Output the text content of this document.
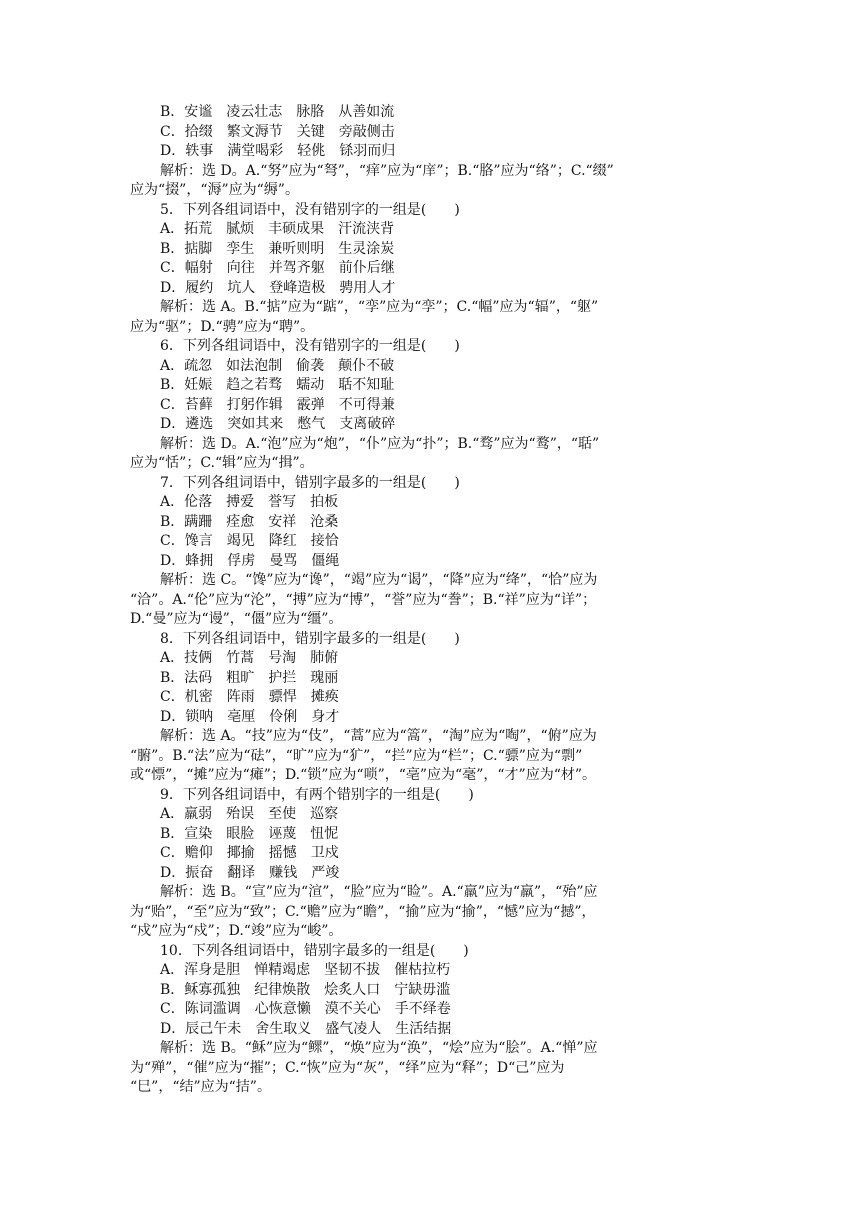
B．安谧　凌云壮志　脉胳　从善如流
C．拾缀　繁文溽节　关键　旁敲侧击
D．轶事　满堂喝彩　轻佻　铩羽而归
解析：选 D。A.“努”应为“弩”，“痒”应为“庠”；B.“胳”应为“络”；C.“缀”
应为“掇”，“溽”应为“缛”。
5．下列各组词语中，没有错别字的一组是(　　)
A．拓荒　腻烦　丰硕成果　汗流浃背
B．掂脚　孪生　兼听则明　生灵涂炭
C．幅射　向往　并驾齐躯　前仆后继
D．履约　坑人　登峰造极　骋用人才
解析：选 A。B.“掂”应为“踮”，“孪”应为“孪”；C.“幅”应为“辐”，“躯”
应为“驱”；D.“骋”应为“聘”。
6．下列各组词语中，没有错别字的一组是(　　)
A．疏忽　如法泡制　偷袭　颠仆不破
B．妊娠　趋之若骛　蠕动　聒不知耻
C．苔藓　打躬作辑　霰弹　不可得兼
D．遴选　突如其来　憋气　支离破碎
解析：选 D。A.“泡”应为“炮”，“仆”应为“扑”；B.“骛”应为“鹜”，“聒”
应为“恬”；C.“辑”应为“揖”。
7．下列各组词语中，错别字最多的一组是(　　)
A．伦落　搏爱　誉写　拍板
B．蹒跚　痊愈　安祥　沧桑
C．馋言　竭见　降红　接恰
D．蜂拥　俘虏　曼骂　僵绳
解析：选 C。“馋”应为“谗”，“竭”应为“谒”，“降”应为“绛”，“恰”应为
“洽”。A.“伦”应为“沦”，“搏”应为“博”，“誉”应为“誊”；B.“祥”应为“详”；
D.“曼”应为“谩”，“僵”应为“缰”。
8．下列各组词语中，错别字最多的一组是(　　)
A．技俩　竹蒿　号淘　肺俯
B．法码　粗旷　护拦　瑰丽
C．机密　阵雨　骠悍　摊痪
D．锁呐　亳厘　伶俐　身才
解析：选 A。“技”应为“伎”，“蒿”应为“篙”，“淘”应为“啕”，“俯”应为
“腑”。B.“法”应为“砝”，“旷”应为“犷”，“拦”应为“栏”；C.“骠”应为“剽”
或“慓”，“摊”应为“瘫”；D.“锁”应为“唢”，“亳”应为“毫”，“才”应为“材”。
9．下列各组词语中，有两个错别字的一组是(　　)
A．羸弱　殆误　至使　巡察
B．宣染　眼脸　诬蔑　忸怩
C．赡仰　揶揄　摇憾　卫戍
D．振奋　翻译　赚钱　严竣
解析：选 B。“宣”应为“渲”，“脸”应为“睑”。A.“羸”应为“羸”，“殆”应
为“贻”，“至”应为“致”；C.“赡”应为“瞻”，“揄”应为“揄”，“憾”应为“撼”，
“戍”应为“戍”；D.“竣”应为“峻”。
10．下列各组词语中，错别字最多的一组是(　　)
A．浑身是胆　惮精竭虑　坚韧不拔　催枯拉朽
B．稣寡孤独　纪律焕散　烩炙人口　宁缺毋滥
C．陈词滥调　心恢意懒　漠不关心　手不绎卷
D．辰己午未　舍生取义　盛气凌人　生活结据
解析：选 B。“稣”应为“鳏”，“焕”应为“涣”，“烩”应为“脍”。A.“惮”应
为“殚”，“催”应为“摧”；C.“恢”应为“灰”，“绎”应为“释”；D“己”应为
“巳”，“结”应为“拮”。
